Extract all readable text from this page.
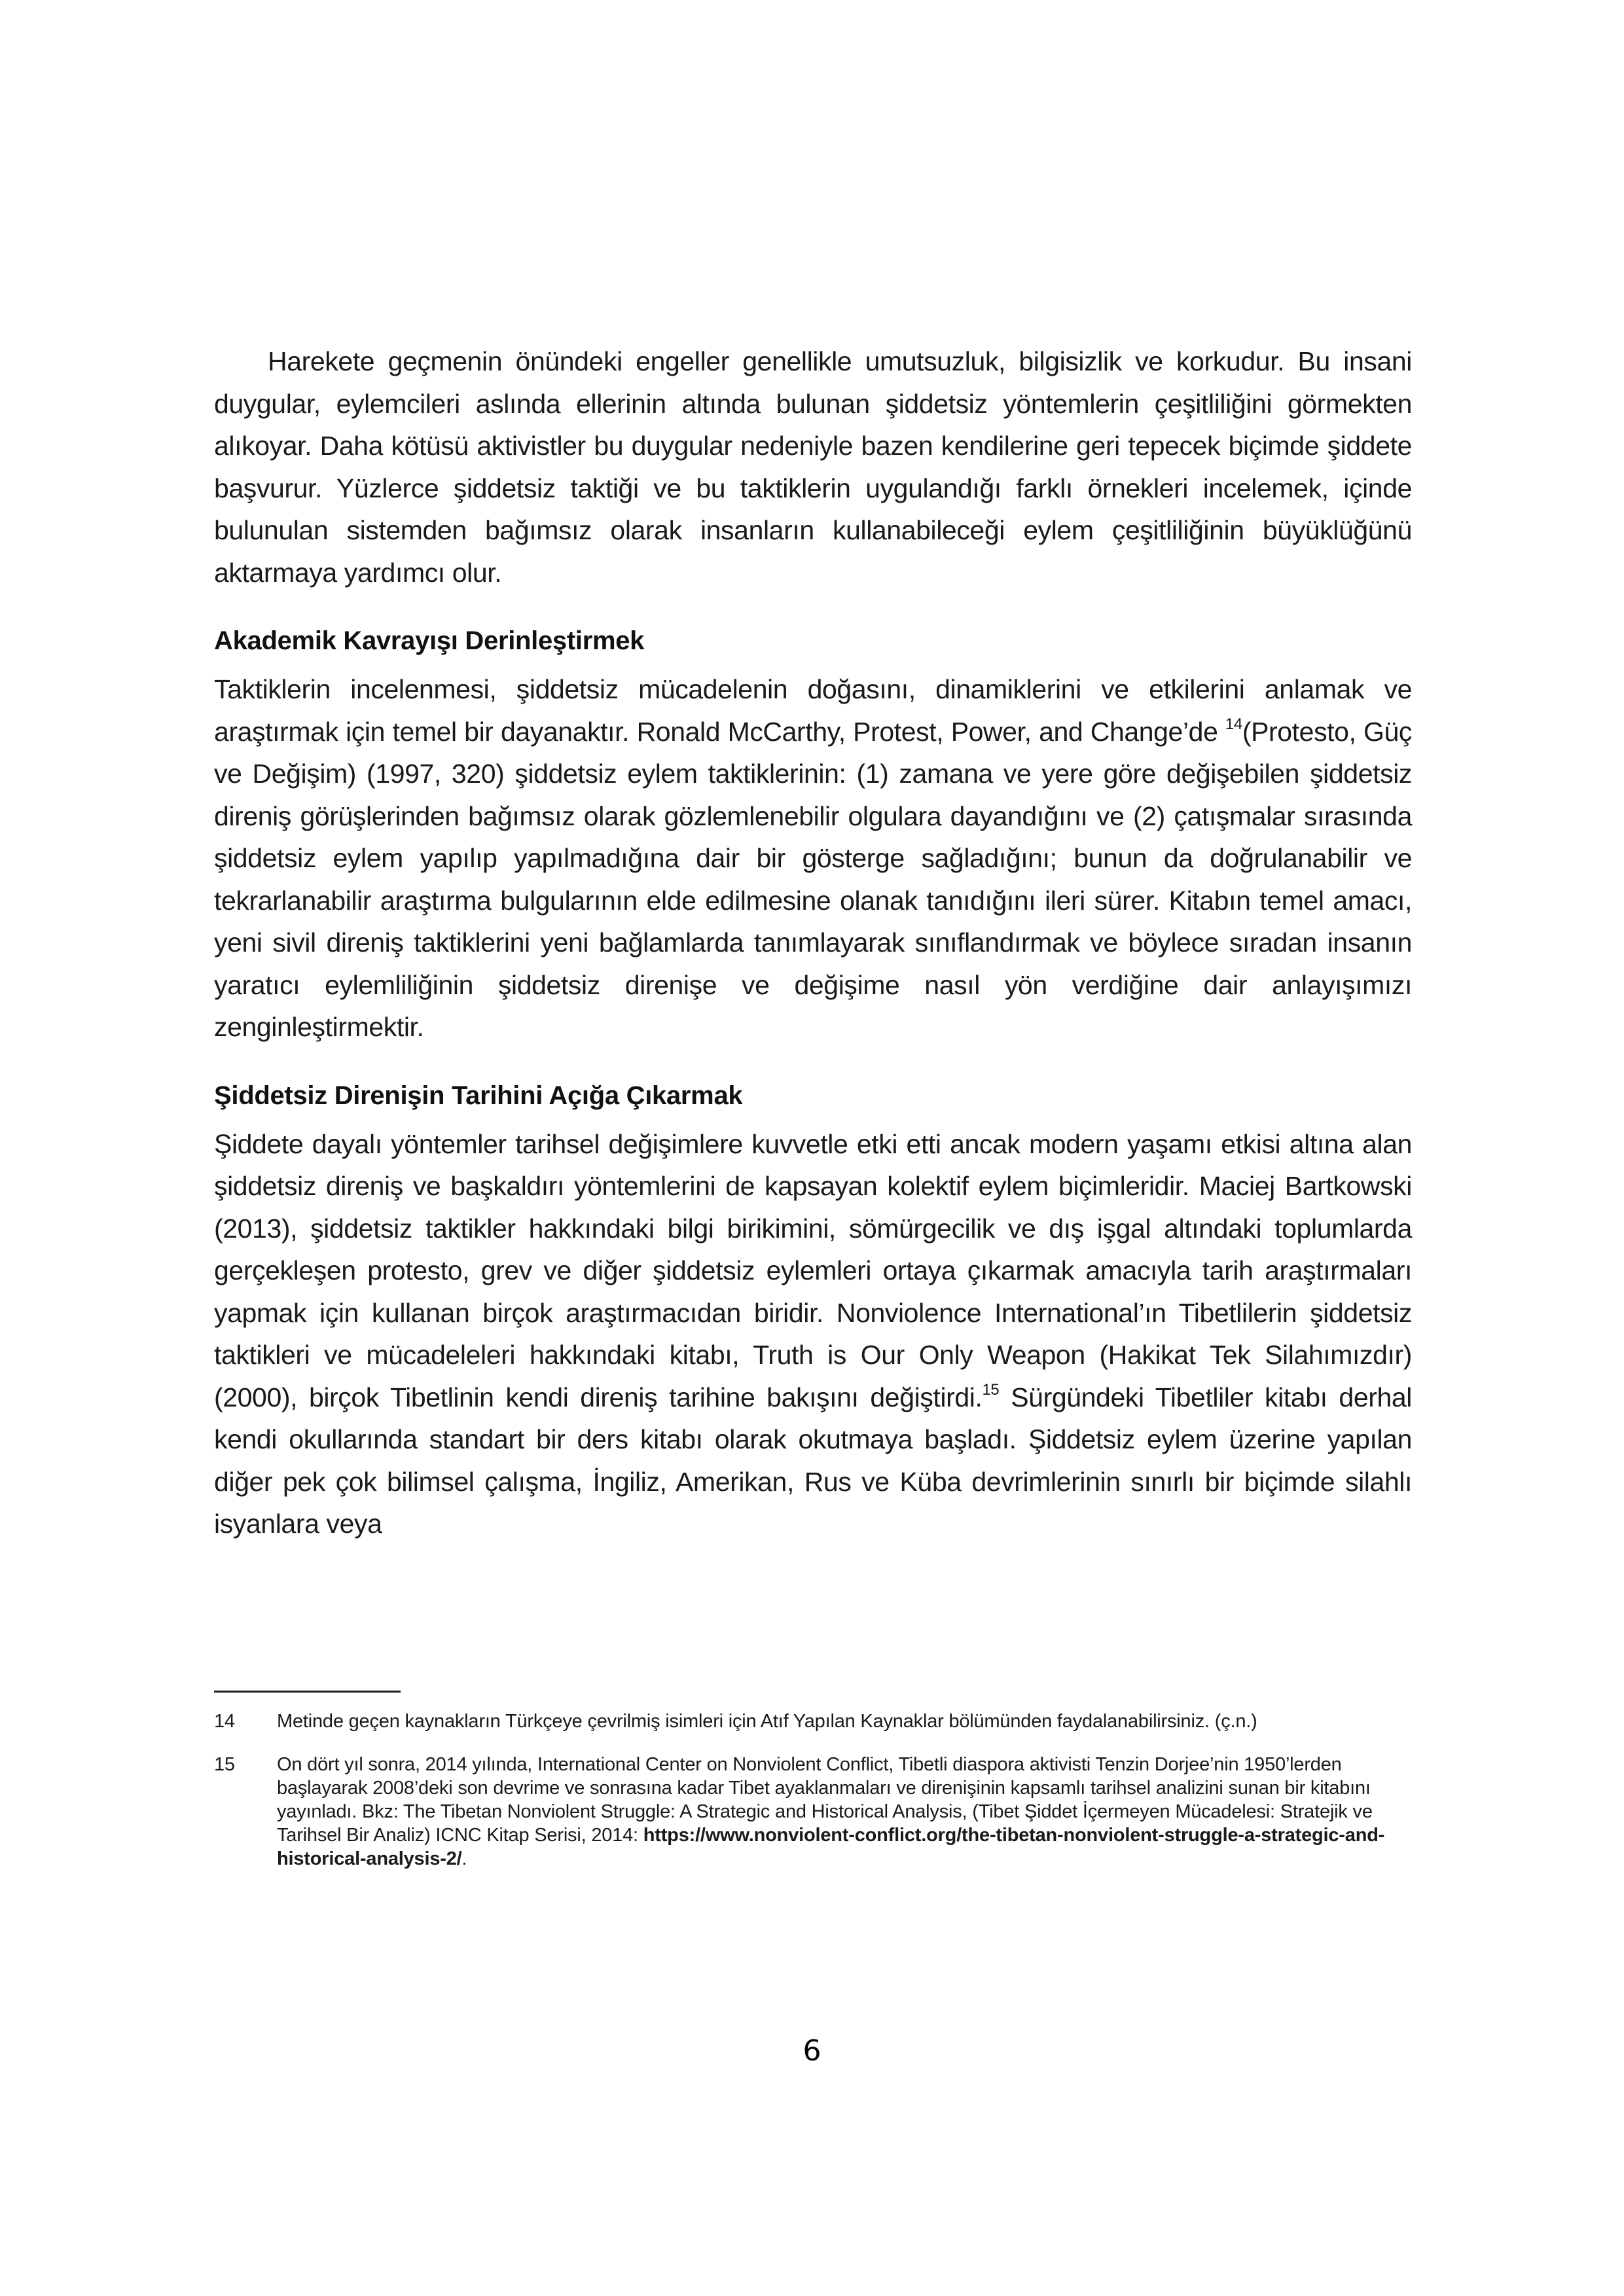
Harekete geçmenin önündeki engeller genellikle umutsuzluk, bilgisizlik ve korkudur. Bu insani duygular, eylemcileri aslında ellerinin altında bulunan şiddetsiz yöntemlerin çeşitliliğini görmekten alıkoyar. Daha kötüsü aktivistler bu duygular nedeniyle bazen kendilerine geri tepecek biçimde şiddete başvurur. Yüzlerce şiddetsiz taktiği ve bu taktiklerin uygulandığı farklı örnekleri incelemek, içinde bulunulan sistemden bağımsız olarak insanların kullanabileceği eylem çeşitliliğinin büyüklüğünü aktarmaya yardımcı olur.

Akademik Kavrayışı Derinleştirmek

Taktiklerin incelenmesi, şiddetsiz mücadelenin doğasını, dinamiklerini ve etkilerini anlamak ve araştırmak için temel bir dayanaktır. Ronald McCarthy, Protest, Power, and Change’de $^{14}$(Protesto, Güç ve Değişim) (1997, 320) şiddetsiz eylem taktiklerinin: (1) zamana ve yere göre değişebilen şiddetsiz direniş görüşlerinden bağımsız olarak gözlemlenebilir olgulara dayandığını ve (2) çatışmalar sırasında şiddetsiz eylem yapılıp yapılmadığına dair bir gösterge sağladığını; bunun da doğrulanabilir ve tekrarlanabilir araştırma bulgularının elde edilmesine olanak tanıdığını ileri sürer. Kitabın temel amacı, yeni sivil direniş taktiklerini yeni bağlamlarda tanımlayarak sınıflandırmak ve böylece sıradan insanın yaratıcı eylemliliğinin şiddetsiz direnişe ve değişime nasıl yön verdiğine dair anlayışımızı zenginleştirmektir.

Şiddetsiz Direnişin Tarihini Açığa Çıkarmak

Şiddete dayalı yöntemler tarihsel değişimlere kuvvetle etki etti ancak modern yaşamı etkisi altına alan şiddetsiz direniş ve başkaldırı yöntemlerini de kapsayan kolektif eylem biçimleridir. Maciej Bartkowski (2013), şiddetsiz taktikler hakkındaki bilgi birikimini, sömürgecilik ve dış işgal altındaki toplumlarda gerçekleşen protesto, grev ve diğer şiddetsiz eylemleri ortaya çıkarmak amacıyla tarih araştırmaları yapmak için kullanan birçok araştırmacıdan biridir. Nonviolence International’ın Tibetlilerin şiddetsiz taktikleri ve mücadeleleri hakkındaki kitabı, Truth is Our Only Weapon (Hakikat Tek Silahımızdır) (2000), birçok Tibetlinin kendi direniş tarihine bakışını değiştirdi.$^{15}$ Sürgündeki Tibetliler kitabı derhal kendi okullarında standart bir ders kitabı olarak okutmaya başladı. Şiddetsiz eylem üzerine yapılan diğer pek çok bilimsel çalışma, İngiliz, Amerikan, Rus ve Küba devrimlerinin sınırlı bir biçimde silahlı isyanlara veya

14	Metinde geçen kaynakların Türkçeye çevrilmiş isimleri için Atıf Yapılan Kaynaklar bölümünden faydalanabilirsiniz. (ç.n.)
15	On dört yıl sonra, 2014 yılında, International Center on Nonviolent Conflict, Tibetli diaspora aktivisti Tenzin Dorjee’nin 1950’lerden başlayarak 2008’deki son devrime ve sonrasına kadar Tibet ayaklanmaları ve direnişinin kapsamlı tarihsel analizini sunan bir kitabını yayınladı. Bkz: The Tibetan Nonviolent Struggle: A Strategic and Historical Analysis, (Tibet Şiddet İçermeyen Mücadelesi: Stratejik ve Tarihsel Bir Analiz) ICNC Kitap Serisi, 2014: https://www.nonviolent-conflict.org/the-tibetan-nonviolent-struggle-a-strategic-and-historical-analysis-2/.
6
